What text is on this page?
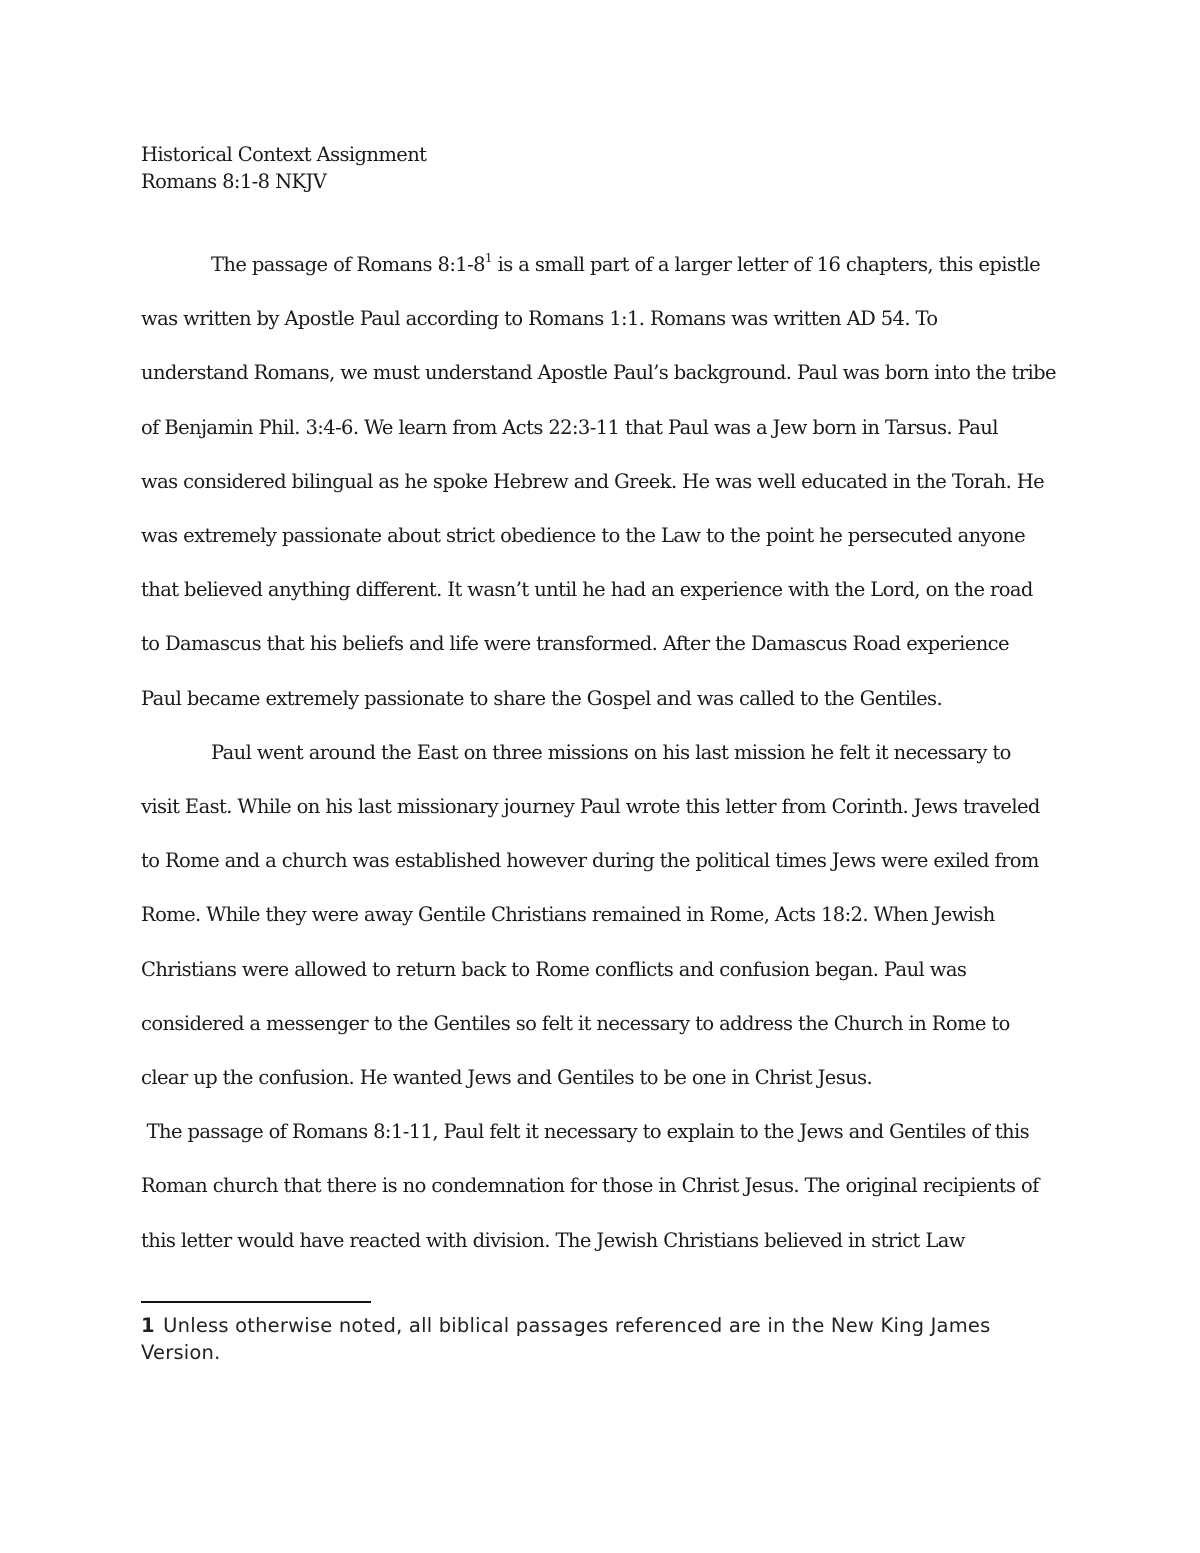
Historical Context Assignment
Romans 8:1-8 NKJV
The passage of Romans $8:1-8^1$ is a small part of a larger letter of 16 chapters, this epistle
was written by Apostle Paul according to Romans 1:1. Romans was written AD 54. To
understand Romans, we must understand Apostle Paul’s background. Paul was born into the tribe
of Benjamin Phil. 3:4-6. We learn from Acts 22:3-11 that Paul was a Jew born in Tarsus. Paul
was considered bilingual as he spoke Hebrew and Greek. He was well educated in the Torah. He
was extremely passionate about strict obedience to the Law to the point he persecuted anyone
that believed anything different. It wasn’t until he had an experience with the Lord, on the road
to Damascus that his beliefs and life were transformed. After the Damascus Road experience
Paul became extremely passionate to share the Gospel and was called to the Gentiles.
Paul went around the East on three missions on his last mission he felt it necessary to
visit East. While on his last missionary journey Paul wrote this letter from Corinth. Jews traveled
to Rome and a church was established however during the political times Jews were exiled from
Rome. While they were away Gentile Christians remained in Rome, Acts 18:2. When Jewish
Christians were allowed to return back to Rome conflicts and confusion began. Paul was
considered a messenger to the Gentiles so felt it necessary to address the Church in Rome to
clear up the confusion. He wanted Jews and Gentiles to be one in Christ Jesus.
The passage of Romans 8:1-11, Paul felt it necessary to explain to the Jews and Gentiles of this
Roman church that there is no condemnation for those in Christ Jesus. The original recipients of
this letter would have reacted with division. The Jewish Christians believed in strict Law
1 Unless otherwise noted, all biblical passages referenced are in the New King James Version.
